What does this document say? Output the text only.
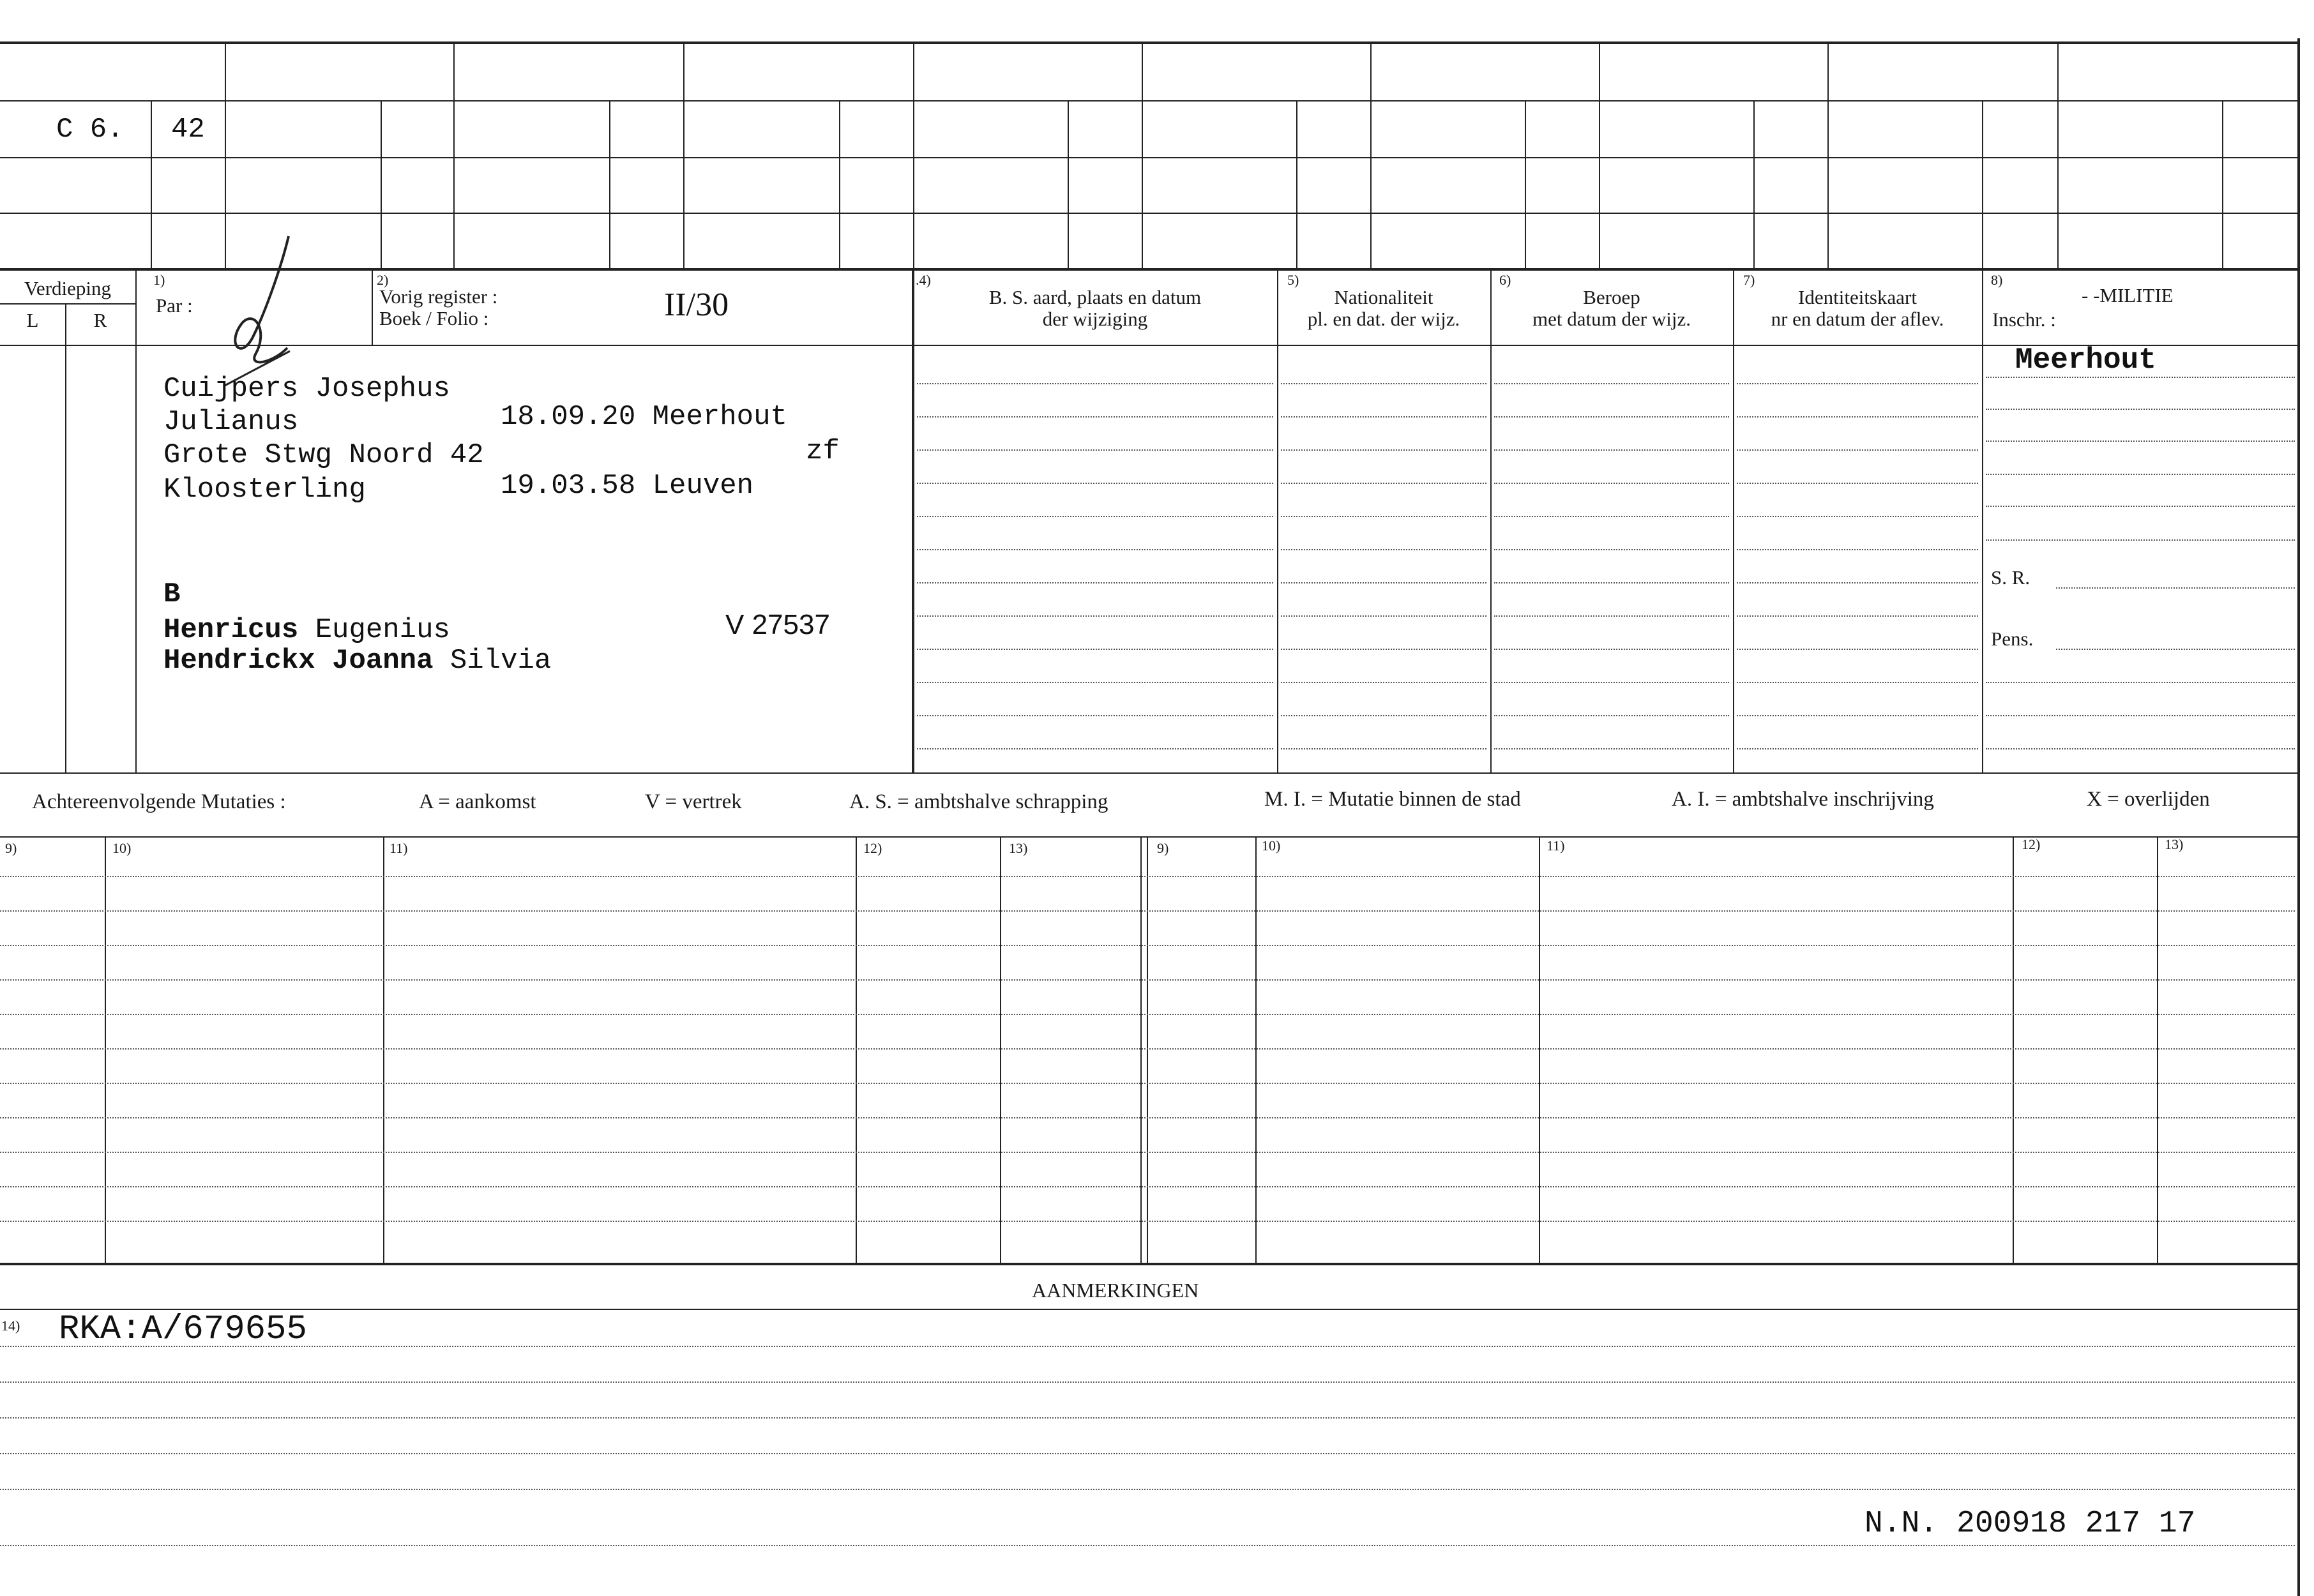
C 6. 42
Verdieping
L	R
1)
Par :
2)
Vorig register :
Boek / Folio :	II/30
.4)
B. S. aard, plaats en datum
der wijziging
5)
Nationaliteit
pl. en dat. der wijz.
6)
Beroep
met datum der wijz.
7)
Identiteitskaart
nr en datum der aflev.
8)
- -MILITIE
Inschr. :
Meerhout
S. R.
Pens.
Cuijpers Josephus
Julianus	18.09.20 Meerhout
Grote Stwg Noord 42	zf
Kloosterling	19.03.58 Leuven
B
Henricus Eugenius	V 27537
Hendrickx Joanna Silvia
Achtereenvolgende Mutaties :	A = aankomst	V = vertrek	A. S. = ambtshalve schrapping	M. I. = Mutatie binnen de stad	A. I. = ambtshalve inschrijving	X = overlijden
9)	10)	11)	12)	13)	9)	10)	11)	12)	13)
AANMERKINGEN
14) RKA:A/679655
N.N. 200918 217 17
